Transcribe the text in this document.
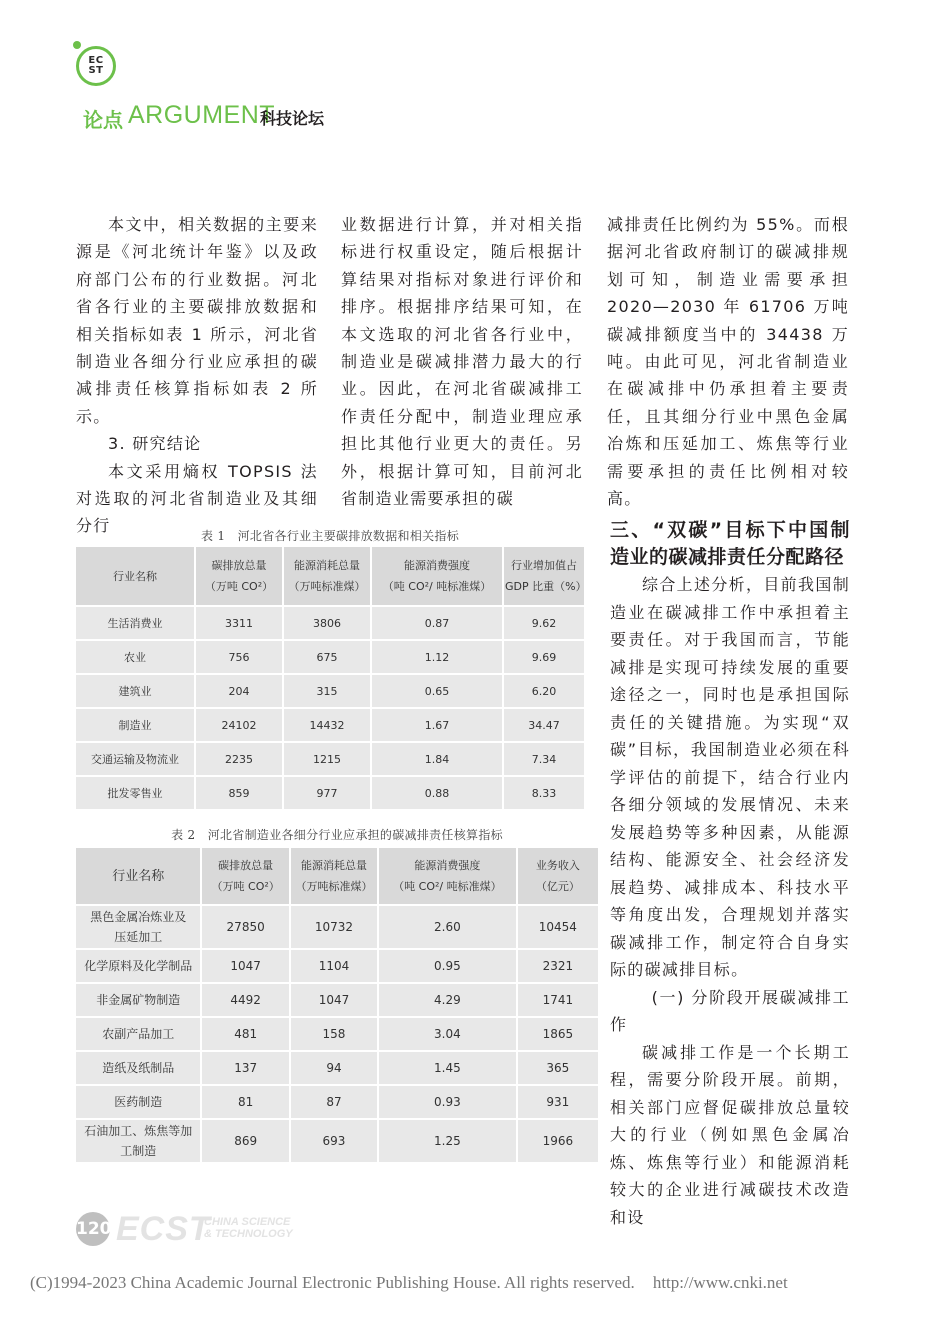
EC
ST
论点 ARGUMENT
科技论坛

本文中，相关数据的主要来源是《河北统计年鉴》以及政府部门公布的行业数据。河北省各行业的主要碳排放数据和相关指标如表 1 所示，河北省制造业各细分行业应承担的碳减排责任核算指标如表 2 所示。

3. 研究结论

本文采用熵权 TOPSIS 法对选取的河北省制造业及其细分行

业数据进行计算，并对相关指标进行权重设定，随后根据计算结果对指标对象进行评价和排序。根据排序结果可知，在本文选取的河北省各行业中，制造业是碳减排潜力最大的行业。因此，在河北省碳减排工作责任分配中，制造业理应承担比其他行业更大的责任。另外，根据计算可知，目前河北省制造业需要承担的碳

减排责任比例约为 55%。而根据河北省政府制订的碳减排规划可知，制造业需要承担 2020—2030 年 61706 万吨碳减排额度当中的 34438 万吨。由此可见，河北省制造业在碳减排中仍承担着主要责任，且其细分行业中黑色金属冶炼和压延加工、炼焦等行业需要承担的责任比例相对较高。

三、“双碳”目标下中国制造业的碳减排责任分配路径

综合上述分析，目前我国制造业在碳减排工作中承担着主要责任。对于我国而言，节能减排是实现可持续发展的重要途径之一，同时也是承担国际责任的关键措施。为实现“双碳”目标，我国制造业必须在科学评估的前提下，结合行业内各细分领域的发展情况、未来发展趋势等多种因素，从能源结构、能源安全、社会经济发展趋势、减排成本、科技水平等角度出发，合理规划并落实碳减排工作，制定符合自身实际的碳减排目标。

(一) 分阶段开展碳减排工作

碳减排工作是一个长期工程，需要分阶段开展。前期，相关部门应督促碳排放总量较大的行业（例如黑色金属冶炼、炼焦等行业）和能源消耗较大的企业进行减碳技术改造和设

表 1　河北省各行业主要碳排放数据和相关指标
行业名称	碳排放总量
（万吨 CO²）	能源消耗总量
（万吨标准煤）	能源消费强度
（吨 CO²/ 吨标准煤）	行业增加值占
GDP 比重（%）
生活消费业	3311	3806	0.87	9.62
农业	756	675	1.12	9.69
建筑业	204	315	0.65	6.20
制造业	24102	14432	1.67	34.47
交通运输及物流业	2235	1215	1.84	7.34
批发零售业	859	977	0.88	8.33
表 2　河北省制造业各细分行业应承担的碳减排责任核算指标
行业名称	碳排放总量
（万吨 CO²）	能源消耗总量
（万吨标准煤）	能源消费强度
（吨 CO²/ 吨标准煤）	业务收入
（亿元）
黑色金属冶炼业及
压延加工	27850	10732	2.60	10454
化学原料及化学制品	1047	1104	0.95	2321
非金属矿物制造	4492	1047	4.29	1741
农副产品加工	481	158	3.04	1865
造纸及纸制品	137	94	1.45	365
医药制造	81	87	0.93	931
石油加工、炼焦等加
工制造	869	693	1.25	1966
120 ECST
CHINA SCIENCE
& TECHNOLOGY
(C)1994-2023 China Academic Journal Electronic Publishing House. All rights reserved. http://www.cnki.net
